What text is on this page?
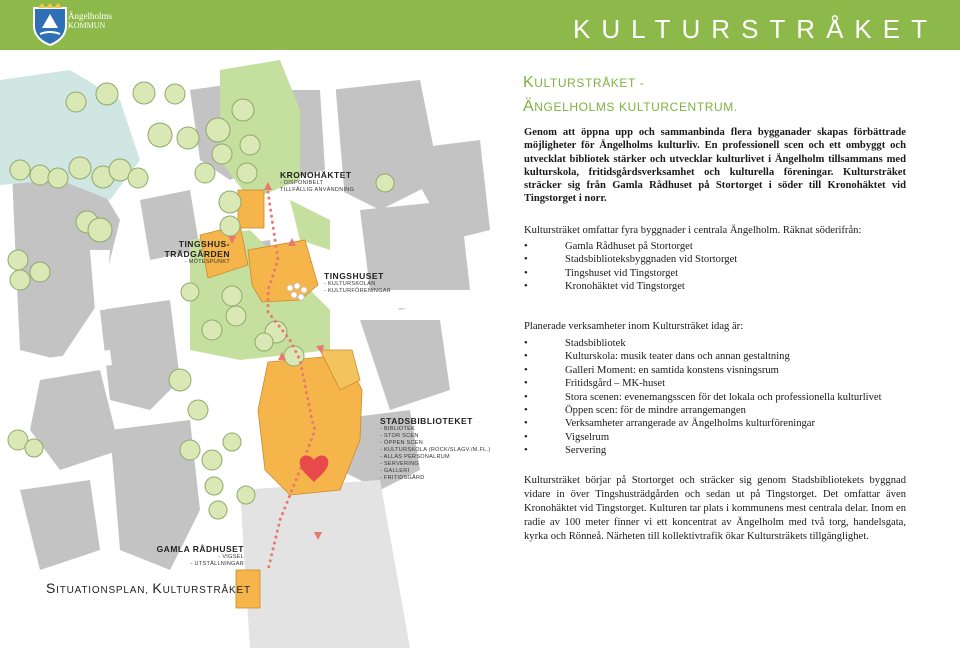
Ängelholms
KOMMUN	KULTURSTRÅKET
KRONOHÄKTET
- DISPONIBELT
TILLFÄLLIG ANVÄNDNING
TINGSHUS-
TRÄDGÅRDEN
- MÖTESPUNKT
TINGSHUSET
- KULTURSKOLAN
- KULTURFÖRENINGAR
STADSBIBLIOTEKET
- BIBLIOTEK
- STOR SCEN
- ÖPPEN SCEN
- KULTURSKOLA (ROCK/SLAGV./M.FL.)
- ALLAS PERSONALRUM
- SERVERING
- GALLERI
- FRITIDSGÅRD
GAMLA RÅDHUSET
- VIGSEL
- UTSTÄLLNINGAR
SITUATIONSPLAN, KULTURSTRÅKET
KULTURSTRÅKET -
ÄNGELHOLMS KULTURCENTRUM.
Genom att öppna upp och sammanbinda flera bygganader skapas förbättrade möjligheter för Ängelholms kulturliv. En professionell scen och ett ombyggt och utvecklat bibliotek stärker och utvecklar kulturlivet i Ängelholm tillsammans med kulturskola, fritidsgårdsverksamhet och kulturella föreningar. Kultursträket sträcker sig från Gamla Rådhuset på Stortorget i söder till Kronohäktet vid Tingstorget i norr.
Kultursträket omfattar fyra byggnader i centrala Ängelholm. Räknat söderifrån:
• Gamla Rådhuset på Stortorget
• Stadsbiblioteksbyggnaden vid Stortorget
• Tingshuset vid Tingstorget
• Kronohäktet vid Tingstorget
Planerade verksamheter inom Kultursträket idag är:
• Stadsbibliotek
• Kulturskola: musik teater dans och annan gestaltning
• Galleri Moment: en samtida konstens visningsrum
• Fritidsgård – MK-huset
• Stora scenen: evenemangsscen för det lokala och professionella kulturlivet
• Öppen scen: för de mindre arrangemangen
• Verksamheter arrangerade av Ängelholms kulturföreningar
• Vigselrum
• Servering
Kultursträket börjar på Stortorget och sträcker sig genom Stadsbibliotekets byggnad vidare in över Tingshusträdgården och sedan ut på Tingstorget. Det omfattar även Kronohäktet vid Tingstorget. Kulturen tar plats i kommunens mest centrala delar. Inom en radie av 100 meter finner vi ett koncentrat av Ängelholm med två torg, handelsgata, kyrka och Rönneå. Närheten till kollektivtrafik ökar Kultursträkets tillgänglighet.
